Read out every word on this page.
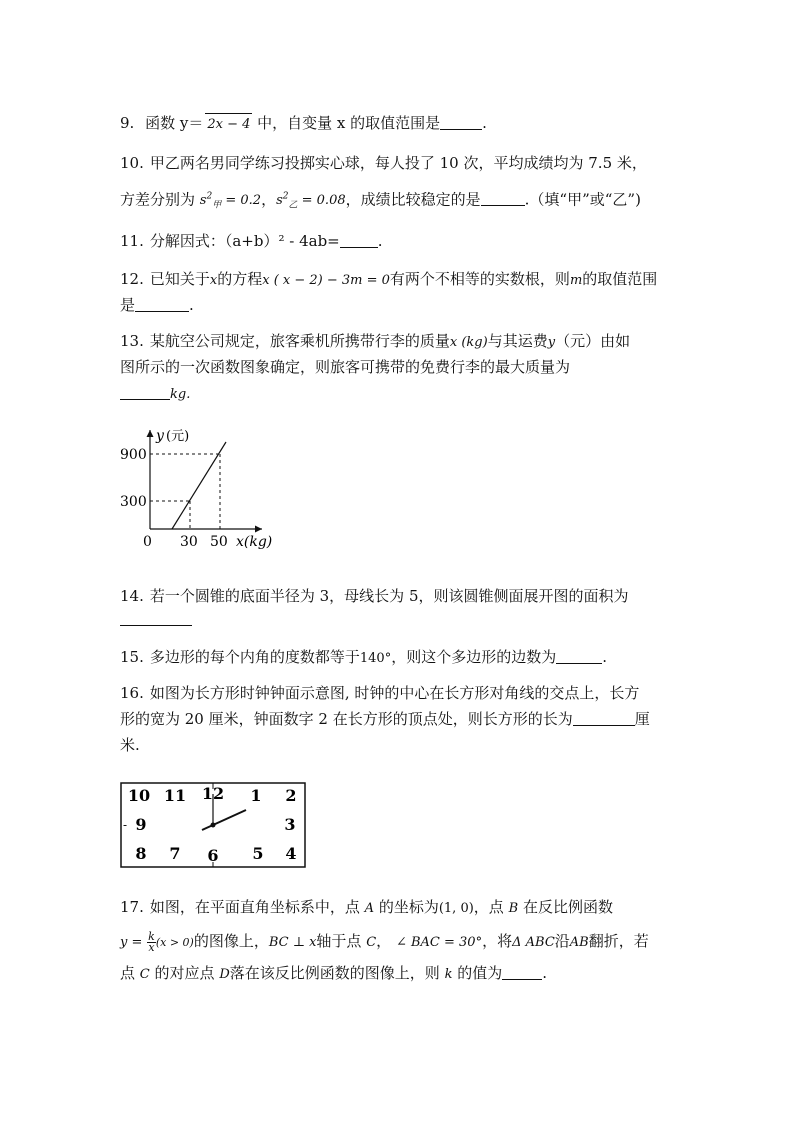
9. 函数 y＝ 2x − 4 中，自变量 x 的取值范围是	.
10. 甲乙两名男同学练习投掷实心球，每人投了 10 次，平均成绩均为 7.5 米，
方差分别为 $s^2_甲 = 0.2$，$s^2_乙 = 0.08$，成绩比较稳定的是	.（填“甲”或“乙”)
11. 分解因式：（a+b）² - 4ab=	.
12. 已知关于x的方程x ( x − 2) − 3m = 0有两个不相等的实数根，则m的取值范围
是	.
13. 某航空公司规定，旅客乘机所携带行李的质量x (kg)与其运费y（元）由如
图所示的一次函数图象确定，则旅客可携带的免费行李的最大质量为
kg.
y (元)
900
300
0 30 50 x(kg)
14. 若一个圆锥的底面半径为 3，母线长为 5，则该圆锥侧面展开图的面积为
15. 多边形的每个内角的度数都等于140°，则这个多边形的边数为	.
16. 如图为长方形时钟钟面示意图, 时钟的中心在长方形对角线的交点上，长方
形的宽为 20 厘米，钟面数字 2 在长方形的顶点处，则长方形的长为	厘
米.
10 11 12 1 2
9	3
8 7 6 5 4
-
17. 如图，在平面直角坐标系中，点 A 的坐标为(1, 0)，点 B 在反比例函数
$y = \frac{k}{x} (x > 0)$的图像上，BC ⊥ x轴于点 C， ∠ BAC = 30°，将Δ ABC沿AB翻折，若
点 C 的对应点 D落在该反比例函数的图像上，则 k 的值为	.
